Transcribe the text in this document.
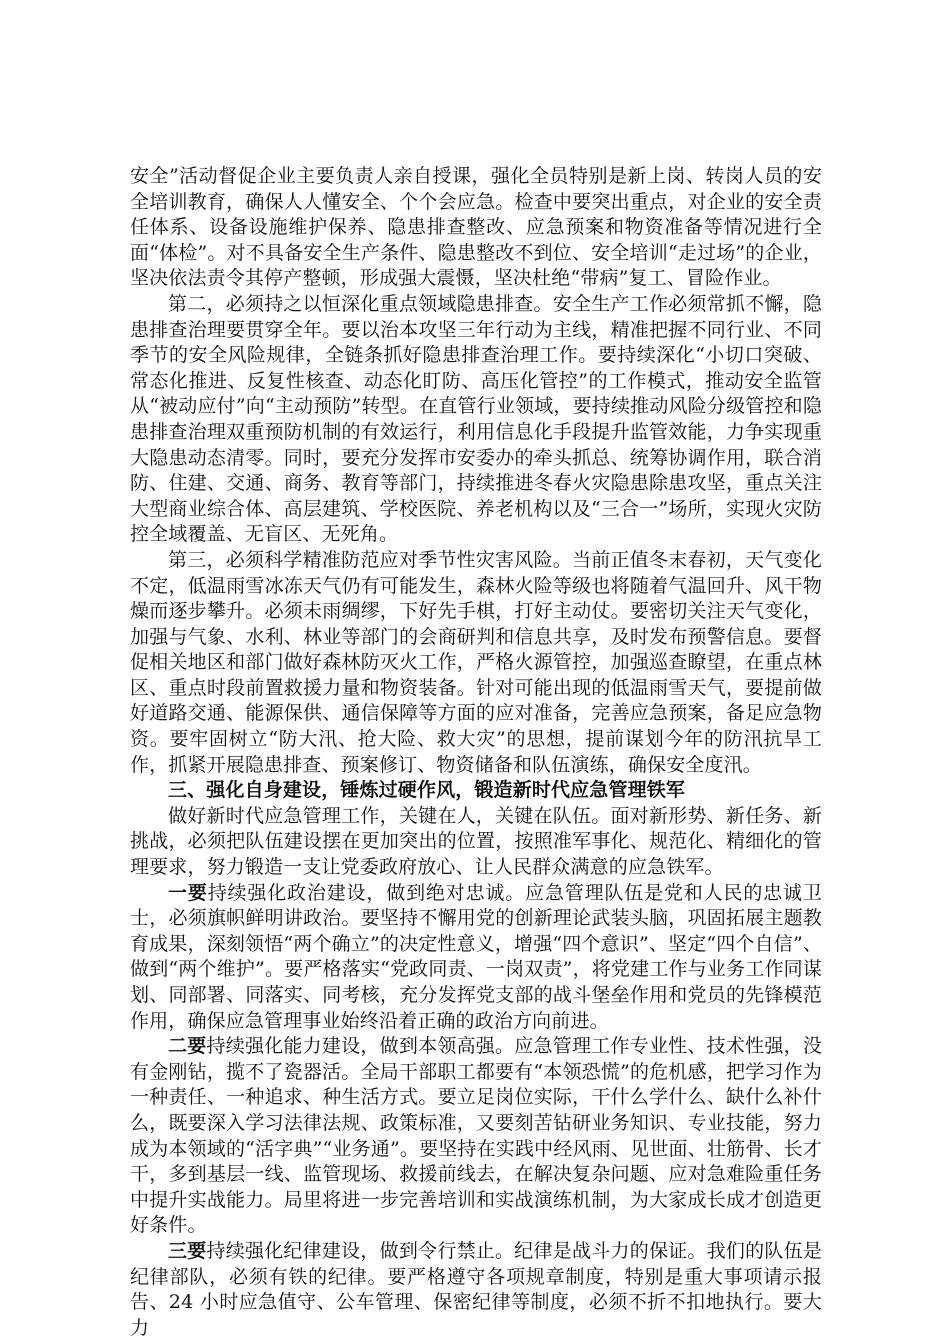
安全”活动督促企业主要负责人亲自授课，强化全员特别是新上岗、转岗人员的安全培训教育，确保人人懂安全、个个会应急。检查中要突出重点，对企业的安全责任体系、设备设施维护保养、隐患排查整改、应急预案和物资准备等情况进行全面“体检”。对不具备安全生产条件、隐患整改不到位、安全培训“走过场”的企业，坚决依法责令其停产整顿，形成强大震慑，坚决杜绝“带病”复工、冒险作业。

第二，必须持之以恒深化重点领域隐患排查。安全生产工作必须常抓不懈，隐患排查治理要贯穿全年。要以治本攻坚三年行动为主线，精准把握不同行业、不同季节的安全风险规律，全链条抓好隐患排查治理工作。要持续深化“小切口突破、常态化推进、反复性核查、动态化盯防、高压化管控”的工作模式，推动安全监管从“被动应付”向“主动预防”转型。在直管行业领域，要持续推动风险分级管控和隐患排查治理双重预防机制的有效运行，利用信息化手段提升监管效能，力争实现重大隐患动态清零。同时，要充分发挥市安委办的牵头抓总、统筹协调作用，联合消防、住建、交通、商务、教育等部门，持续推进冬春火灾隐患除患攻坚，重点关注大型商业综合体、高层建筑、学校医院、养老机构以及“三合一”场所，实现火灾防控全域覆盖、无盲区、无死角。

第三，必须科学精准防范应对季节性灾害风险。当前正值冬末春初，天气变化不定，低温雨雪冰冻天气仍有可能发生，森林火险等级也将随着气温回升、风干物燥而逐步攀升。必须未雨绸缪，下好先手棋，打好主动仗。要密切关注天气变化，加强与气象、水利、林业等部门的会商研判和信息共享，及时发布预警信息。要督促相关地区和部门做好森林防灭火工作，严格火源管控，加强巡查瞭望，在重点林区、重点时段前置救援力量和物资装备。针对可能出现的低温雨雪天气，要提前做好道路交通、能源保供、通信保障等方面的应对准备，完善应急预案，备足应急物资。要牢固树立“防大汛、抢大险、救大灾”的思想，提前谋划今年的防汛抗旱工作，抓紧开展隐患排查、预案修订、物资储备和队伍演练，确保安全度汛。

三、强化自身建设，锤炼过硬作风，锻造新时代应急管理铁军

做好新时代应急管理工作，关键在人，关键在队伍。面对新形势、新任务、新挑战，必须把队伍建设摆在更加突出的位置，按照准军事化、规范化、精细化的管理要求，努力锻造一支让党委政府放心、让人民群众满意的应急铁军。

一要持续强化政治建设，做到绝对忠诚。应急管理队伍是党和人民的忠诚卫士，必须旗帜鲜明讲政治。要坚持不懈用党的创新理论武装头脑，巩固拓展主题教育成果，深刻领悟“两个确立”的决定性意义，增强“四个意识”、坚定“四个自信”、做到“两个维护”。要严格落实“党政同责、一岗双责”，将党建工作与业务工作同谋划、同部署、同落实、同考核，充分发挥党支部的战斗堡垒作用和党员的先锋模范作用，确保应急管理事业始终沿着正确的政治方向前进。

二要持续强化能力建设，做到本领高强。应急管理工作专业性、技术性强，没有金刚钻，揽不了瓷器活。全局干部职工都要有“本领恐慌”的危机感，把学习作为一种责任、一种追求、种生活方式。要立足岗位实际，干什么学什么、缺什么补什么，既要深入学习法律法规、政策标准，又要刻苦钻研业务知识、专业技能，努力成为本领域的“活字典”“业务通”。要坚持在实践中经风雨、见世面、壮筋骨、长才干，多到基层一线、监管现场、救援前线去，在解决复杂问题、应对急难险重任务中提升实战能力。局里将进一步完善培训和实战演练机制，为大家成长成才创造更好条件。

三要持续强化纪律建设，做到令行禁止。纪律是战斗力的保证。我们的队伍是纪律部队，必须有铁的纪律。要严格遵守各项规章制度，特别是重大事项请示报告、24 小时应急值守、公车管理、保密纪律等制度，必须不折不扣地执行。要大力
